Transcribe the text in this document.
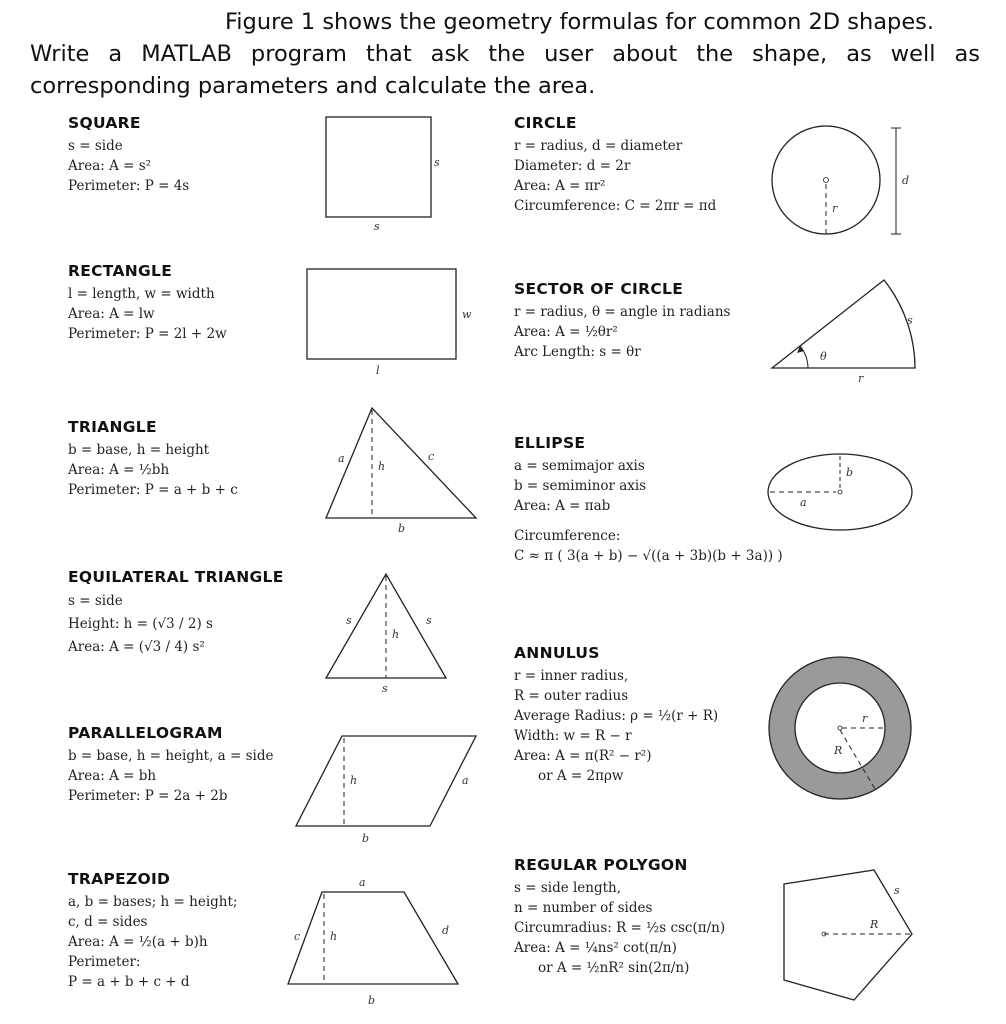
Figure 1 shows the geometry formulas for common 2D shapes.
Write a MATLAB program that ask the user about the shape, as well as corresponding parameters and calculate the area.
SQUARE
s = side
Area: A = s²
Perimeter: P = 4s
s
s
RECTANGLE
l = length, w = width
Area: A = lw
Perimeter: P = 2l + 2w
w
l
TRIANGLE
b = base, h = height
Area: A = ½bh
Perimeter: P = a + b + c
a
h
c
b
EQUILATERAL TRIANGLE
s = side
Height: h = (√3 / 2) s
Area: A = (√3 / 4) s²
s	s
h
s
PARALLELOGRAM
b = base, h = height, a = side
Area: A = bh
Perimeter: P = 2a + 2b
h	a
b
TRAPEZOID
a, b = bases; h = height;
c, d = sides
Area: A = ½(a + b)h
Perimeter:
P = a + b + c + d
a
c	h	d
b
CIRCLE
r = radius, d = diameter
Diameter: d = 2r
Area: A = πr²
Circumference: C = 2πr = πd	r
d
SECTOR OF CIRCLE
r = radius, θ = angle in radians
Area: A = ½θr²
Arc Length: s = θr	θ
s
r
ELLIPSE
a = semimajor axis
b = semiminor axis
Area: A = πab
Circumference:
C ≈ π ( 3(a + b) − √((a + 3b)(b + 3a)) )
a
b
ANNULUS
r = inner radius,
R = outer radius
Average Radius: ρ = ½(r + R)
Width: w = R − r
Area: A = π(R² − r²)
or A = 2πρw
r
R
REGULAR POLYGON
s = side length,
n = number of sides
Circumradius: R = ½s csc(π/n)
Area: A = ¼ns² cot(π/n)
or A = ½nR² sin(2π/n)
R
s
